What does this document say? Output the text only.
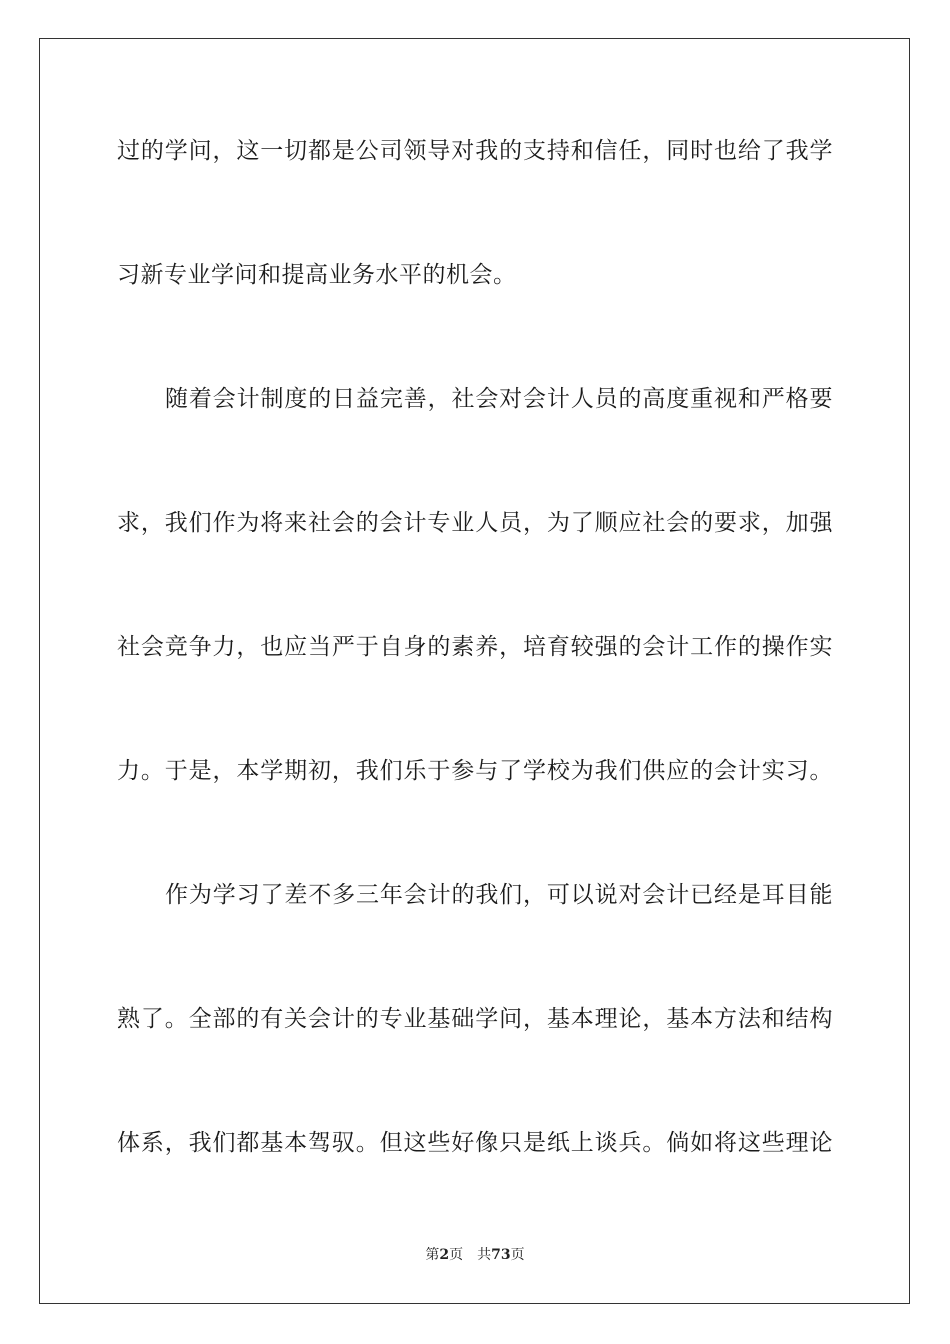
过的学问，这一切都是公司领导对我的支持和信任，同时也给了我学
习新专业学问和提高业务水平的机会。
随着会计制度的日益完善，社会对会计人员的高度重视和严格要
求，我们作为将来社会的会计专业人员，为了顺应社会的要求，加强
社会竞争力，也应当严于自身的素养，培育较强的会计工作的操作实
力。于是，本学期初，我们乐于参与了学校为我们供应的会计实习。
作为学习了差不多三年会计的我们，可以说对会计已经是耳目能
熟了。全部的有关会计的专业基础学问，基本理论，基本方法和结构
体系，我们都基本驾驭。但这些好像只是纸上谈兵。倘如将这些理论
第2页 共73页
